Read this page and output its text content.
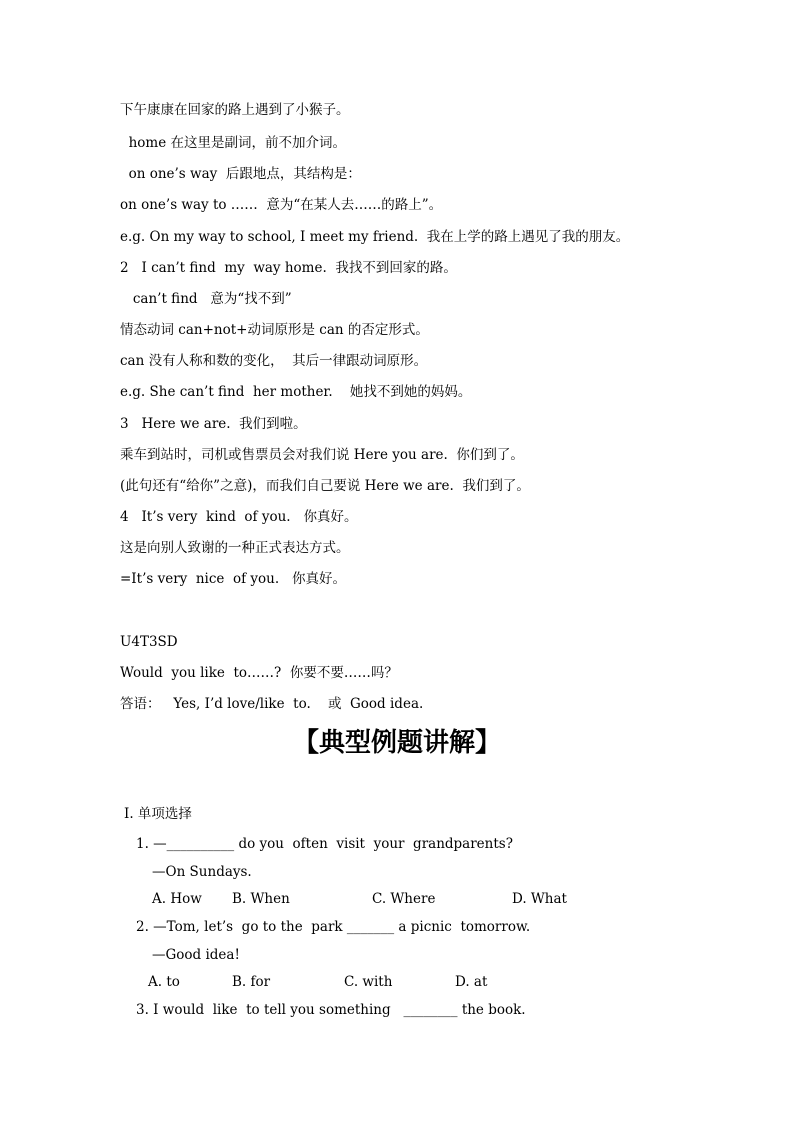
下午康康在回家的路上遇到了小猴子。
home 在这里是副词，前不加介词。
on one’s way  后跟地点，其结构是：
on one’s way to ……  意为“在某人去……的路上”。
e.g. On my way to school, I meet my friend.  我在上学的路上遇见了我的朋友。
2   I can’t find  my  way home.  我找不到回家的路。
can’t find   意为“找不到”
情态动词 can+not+动词原形是 can 的否定形式。
can 没有人称和数的变化，  其后一律跟动词原形。
e.g. She can’t find  her mother.    她找不到她的妈妈。
3   Here we are.  我们到啦。
乘车到站时，司机或售票员会对我们说 Here you are.  你们到了。
(此句还有“给你”之意)，而我们自己要说 Here we are.  我们到了。
4   It’s very  kind  of you.   你真好。
这是向别人致谢的一种正式表达方式。
=It’s very  nice  of you.   你真好。
U4T3SD
Would  you like  to……?  你要不要……吗？
答语：   Yes, I’d love/like  to.    或  Good idea.
【典型例题讲解】
Ⅰ. 单项选择
1. —__________ do you  often  visit  your  grandparents?
—On Sundays.
A. How B. When	C. Where	D. What
2. —Tom, let’s  go to the  park _______ a picnic  tomorrow.
—Good idea!
A. to	B. for	C. with	D. at
3. I would  like  to tell you something   ________ the book.
